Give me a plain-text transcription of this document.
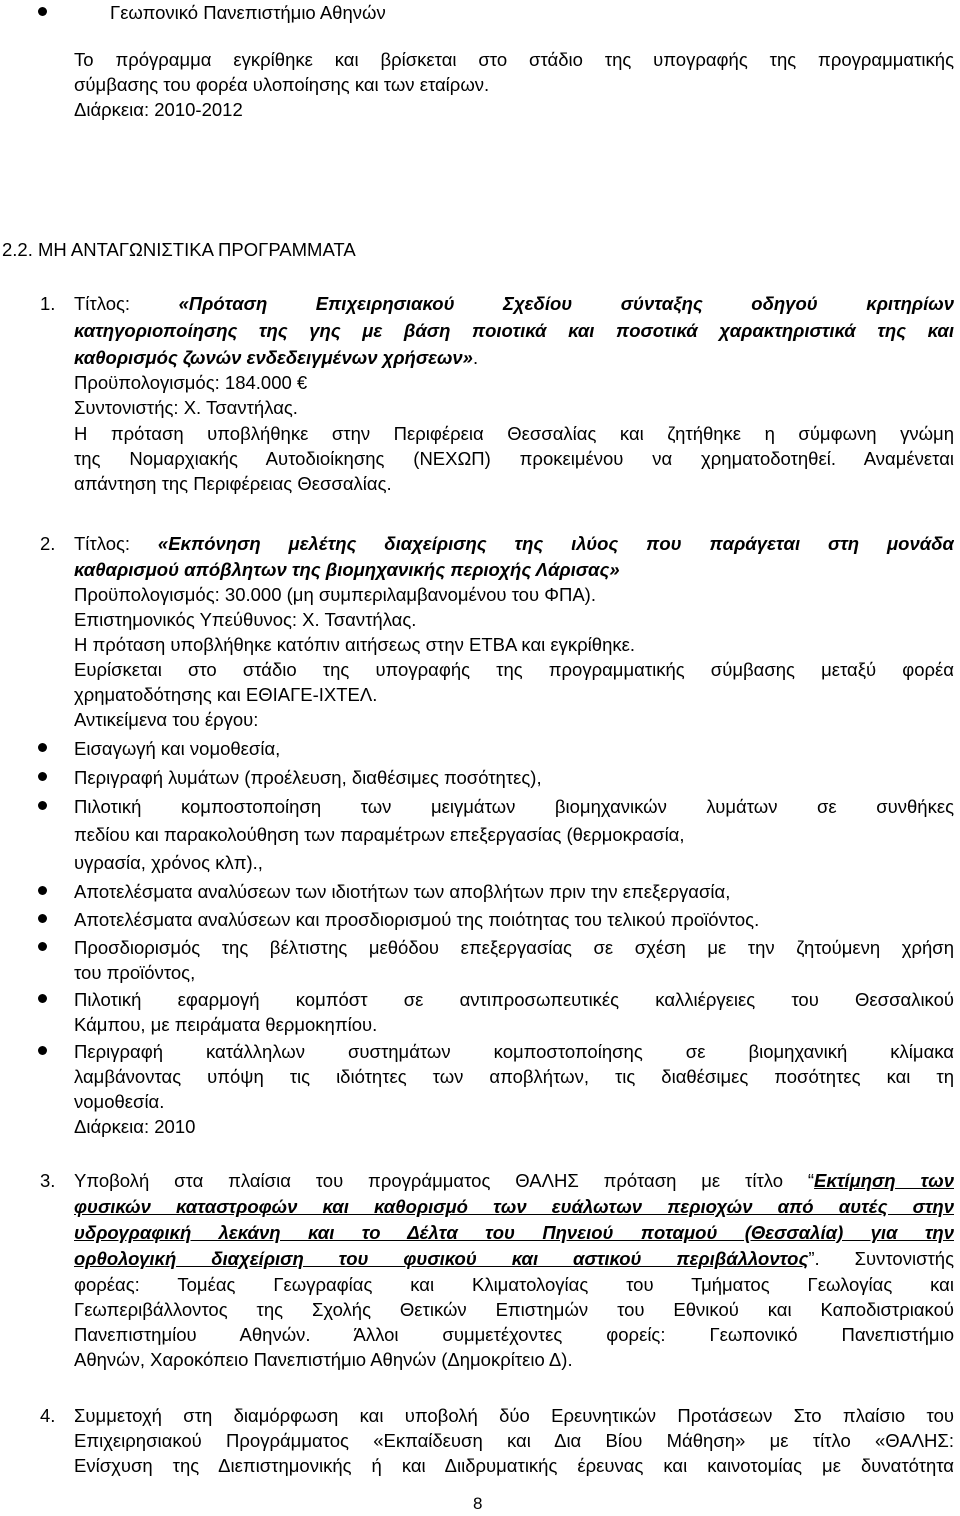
Γεωπονικό Πανεπιστήμιο Αθηνών
Το πρόγραμμα εγκρίθηκε και βρίσκεται στο στάδιο της υπογραφής της προγραμματικής
σύμβασης του φορέα υλοποίησης και των εταίρων.
Διάρκεια: 2010-2012
2.2. ΜΗ ΑΝΤΑΓΩΝΙΣΤΙΚΑ ΠΡΟΓΡΑΜΜΑΤΑ
1. Τίτλος: «Πρόταση Επιχειρησιακού Σχεδίου σύνταξης οδηγού κριτηρίων
κατηγοριοποίησης της γης με βάση ποιοτικά και ποσοτικά χαρακτηριστικά της και
καθορισμός ζωνών ενδεδειγμένων χρήσεων».
Προϋπολογισμός: 184.000 €
Συντονιστής: Χ. Τσαντήλας.
Η πρόταση υποβλήθηκε στην Περιφέρεια Θεσσαλίας και ζητήθηκε η σύμφωνη γνώμη
της Νομαρχιακής Αυτοδιοίκησης (ΝΕΧΩΠ) προκειμένου να χρηματοδοτηθεί. Αναμένεται
απάντηση της Περιφέρειας Θεσσαλίας.
2. Τίτλος: «Εκπόνηση μελέτης διαχείρισης της ιλύος που παράγεται στη μονάδα
καθαρισμού απόβλητων της βιομηχανικής περιοχής Λάρισας»
Προϋπολογισμός: 30.000 (μη συμπεριλαμβανομένου του ΦΠΑ).
Επιστημονικός Υπεύθυνος: Χ. Τσαντήλας.
Η πρόταση υποβλήθηκε κατόπιν αιτήσεως στην ΕΤΒΑ και εγκρίθηκε.
Ευρίσκεται στο στάδιο της υπογραφής της προγραμματικής σύμβασης μεταξύ φορέα
χρηματοδότησης και ΕΘΙΑΓΕ-ΙΧΤΕΛ.
Αντικείμενα του έργου:
Εισαγωγή και νομοθεσία,
Περιγραφή λυμάτων (προέλευση, διαθέσιμες ποσότητες),
Πιλοτική κομποστοποίηση των μειγμάτων βιομηχανικών λυμάτων σε συνθήκες
πεδίου και παρακολούθηση των παραμέτρων επεξεργασίας (θερμοκρασία,
υγρασία, χρόνος κλπ).,
Αποτελέσματα αναλύσεων των ιδιοτήτων των αποβλήτων πριν την επεξεργασία,
Αποτελέσματα αναλύσεων και προσδιορισμού της ποιότητας του τελικού προϊόντος.
Προσδιορισμός της βέλτιστης μεθόδου επεξεργασίας σε σχέση με την ζητούμενη χρήση
του προϊόντος,
Πιλοτική εφαρμογή κομπόστ σε αντιπροσωπευτικές καλλιέργειες του Θεσσαλικού
Κάμπου, με πειράματα θερμοκηπίου.
Περιγραφή κατάλληλων συστημάτων κομποστοποίησης σε βιομηχανική κλίμακα
λαμβάνοντας υπόψη τις ιδιότητες των αποβλήτων, τις διαθέσιμες ποσότητες και τη
νομοθεσία.
Διάρκεια: 2010
3. Υποβολή στα πλαίσια του προγράμματος ΘΑΛΗΣ πρόταση με τίτλο “Εκτίμηση των
φυσικών καταστροφών και καθορισμό των ευάλωτων περιοχών από αυτές στην
υδρογραφική λεκάνη και το Δέλτα του Πηνειού ποταμού (Θεσσαλία) για την
ορθολογική διαχείριση του φυσικού και αστικού περιβάλλοντος”. Συντονιστής
φορέας: Τομέας Γεωγραφίας και Κλιματολογίας του Τμήματος Γεωλογίας και
Γεωπεριβάλλοντος της Σχολής Θετικών Επιστημών του Εθνικού και Καποδιστριακού
Πανεπιστημίου Αθηνών. Άλλοι συμμετέχοντες φορείς: Γεωπονικό Πανεπιστήμιο
Αθηνών, Χαροκόπειο Πανεπιστήμιο Αθηνών (Δημοκρίτειο Δ).
4. Συμμετοχή στη διαμόρφωση και υποβολή δύο Ερευνητικών Προτάσεων Στο πλαίσιο του
Επιχειρησιακού Προγράμματος «Εκπαίδευση και Δια Βίου Μάθηση» με τίτλο «ΘΑΛΗΣ:
Ενίσχυση της Διεπιστημονικής ή και Διιδρυματικής έρευνας και καινοτομίας με δυνατότητα
8
